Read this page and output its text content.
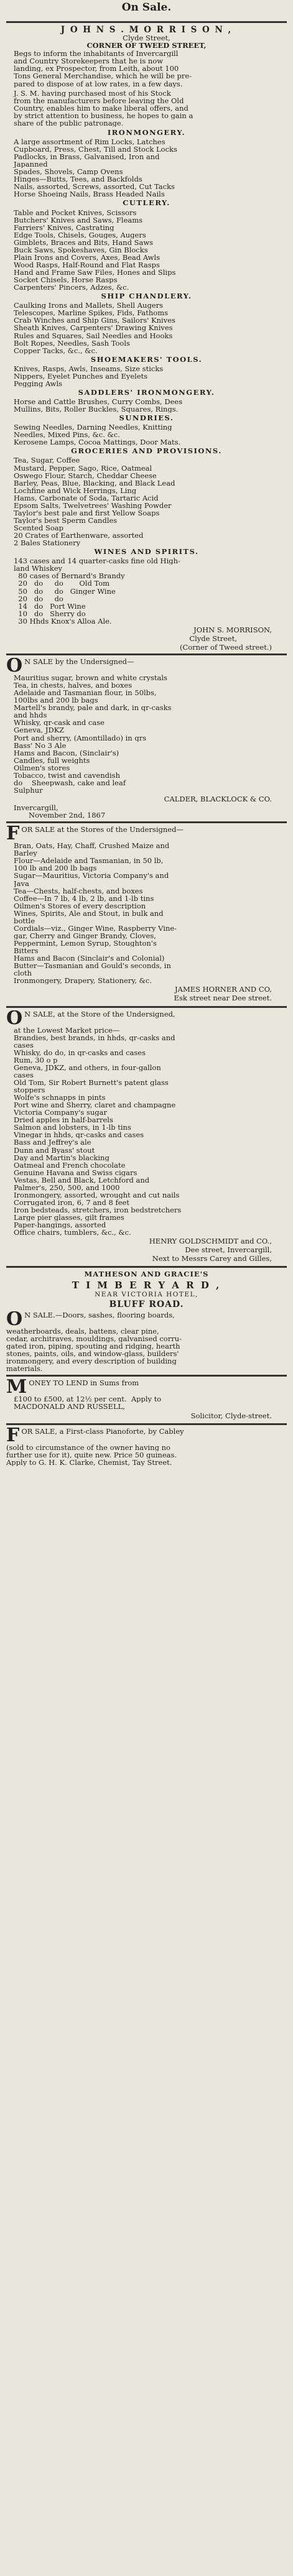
On Sale.
J O H N S . M O R R I S O N ,
Clyde Street,
CORNER OF TWEED STREET,
Begs to inform the inhabitants of Invercargill
and Country Storekeepers that he is now
landing, ex Prospector, from Leith, about 100
Tons General Merchandise, which he will be pre-
pared to dispose of at low rates, in a few days.
J. S. M. having purchased most of his Stock
from the manufacturers before leaving the Old
Country, enables him to make liberal offers, and
by strict attention to business, he hopes to gain a
share of the public patronage.
IRONMONGERY.
A large assortment of Rim Locks, Latches
Cupboard, Press, Chest, Till and Stock Locks
Padlocks, in Brass, Galvanised, Iron and
Japanned
Spades, Shovels, Camp Ovens
Hinges—Butts, Tees, and Backfolds
Nails, assorted, Screws, assorted, Cut Tacks
Horse Shoeing Nails, Brass Headed Nails
CUTLERY.
Table and Pocket Knives, Scissors
Butchers' Knives and Saws, Fleams
Farriers' Knives, Castrating
Edge Tools, Chisels, Gouges, Augers
Gimblets, Braces and Bits, Hand Saws
Buck Saws, Spokeshaves, Gin Blocks
Plain Irons and Covers, Axes, Bead Awls
Wood Rasps, Half-Round and Flat Rasps
Hand and Frame Saw Files, Hones and Slips
Socket Chisels, Horse Rasps
Carpenters' Pincers, Adzes, &c.
SHIP CHANDLERY.
Caulking Irons and Mallets, Shell Augers
Telescopes, Marline Spikes, Fids, Fathoms
Crab Winches and Ship Gins, Sailors' Knives
Sheath Knives, Carpenters' Drawing Knives
Rules and Squares, Sail Needles and Hooks
Bolt Ropes, Needles, Sash Tools
Copper Tacks, &c., &c.
SHOEMAKERS' TOOLS.
Knives, Rasps, Awls, Inseams, Size sticks
Nippers, Eyelet Punches and Eyelets
Pegging Awls
SADDLERS' IRONMONGERY.
Horse and Cattle Brushes, Curry Combs, Dees
Mullins, Bits, Roller Buckles, Squares, Rings.
SUNDRIES.
Sewing Needles, Darning Needles, Knitting
Needles, Mixed Pins, &c. &c.
Kerosene Lamps, Cocoa Mattings, Door Mats.
GROCERIES AND PROVISIONS.
Tea, Sugar, Coffee
Mustard, Pepper, Sago, Rice, Oatmeal
Oswego Flour, Starch, Cheddar Cheese
Barley, Peas, Blue, Blacking, and Black Lead
Lochfine and Wick Herrings, Ling
Hams, Carbonate of Soda, Tartaric Acid
Epsom Salts, Twelvetrees' Washing Powder
Taylor's best pale and first Yellow Soaps
Taylor's best Sperm Candles
Scented Soap
20 Crates of Earthenware, assorted
2 Bales Stationery
WINES AND SPIRITS.
143 cases and 14 quarter-casks fine old High-
land Whiskey
80 cases of Bernard's Brandy
20   do     do       Old Tom
50   do     do   Ginger Wine
20   do     do
14   do   Port Wine
10   do   Sherry do
30 Hhds Knox's Alloa Ale.
JOHN S. MORRISON,
Clyde Street,
(Corner of Tweed street.)
O N SALE by the Undersigned—
Mauritius sugar, brown and white crystals
Tea, in chests, halves, and boxes
Adelaide and Tasmanian flour, in 50lbs,
100lbs and 200 lb bags
Martell's brandy, pale and dark, in qr-casks
and hhds
Whisky, qr-cask and case
Geneva, JDKZ
Port and sherry, (Amontillado) in qrs
Bass' No 3 Ale
Hams and Bacon, (Sinclair's)
Candles, full weights
Oilmen's stores
Tobacco, twist and cavendish
do    Sheepwash, cake and leaf
Sulphur
CALDER, BLACKLOCK & CO.
Invercargill,
November 2nd, 1867
F OR SALE at the Stores of the Undersigned—
Bran, Oats, Hay, Chaff, Crushed Maize and
Barley
Flour—Adelaide and Tasmanian, in 50 lb,
100 lb and 200 lb bags
Sugar—Mauritius, Victoria Company's and
Java
Tea—Chests, half-chests, and boxes
Coffee—In 7 lb, 4 lb, 2 lb, and 1-lb tins
Oilmen's Stores of every description
Wines, Spirits, Ale and Stout, in bulk and
bottle
Cordials—viz., Ginger Wine, Raspberry Vine-
gar, Cherry and Ginger Brandy, Cloves,
Peppermint, Lemon Syrup, Stoughton's
Bitters
Hams and Bacon (Sinclair's and Colonial)
Butter—Tasmanian and Gould's seconds, in
cloth
Ironmongery, Drapery, Stationery, &c.
JAMES HORNER AND CO,
Esk street near Dee street.
O N SALE, at the Store of the Undersigned,
at the Lowest Market price—
Brandies, best brands, in hhds, qr-casks and
cases
Whisky, do do, in qr-casks and cases
Rum, 30 o p
Geneva, JDKZ, and others, in four-gallon
cases
Old Tom, Sir Robert Burnett's patent glass
stoppers
Wolfe's schnapps in pints
Port wine and Sherry, claret and champagne
Victoria Company's sugar
Dried apples in half-barrels
Salmon and lobsters, in 1-lb tins
Vinegar in hhds, qr-casks and cases
Bass and Jeffrey's ale
Dunn and Byass' stout
Day and Martin's blacking
Oatmeal and French chocolate
Genuine Havana and Swiss cigars
Vestas, Bell and Black, Letchford and
Palmer's, 250, 500, and 1000
Ironmongery, assorted, wrought and cut nails
Corrugated iron, 6, 7 and 8 feet
Iron bedsteads, stretchers, iron bedstretchers
Large pier glasses, gilt frames
Paper-hangings, assorted
Office chairs, tumblers, &c., &c.
HENRY GOLDSCHMIDT and CO.,
Dee street, Invercargill,
Next to Messrs Carey and Gilles,
MATHESON AND GRACIE'S
T I M B E R Y A R D ,
NEAR VICTORIA HOTEL,
BLUFF ROAD.
O N SALE.—Doors, sashes, flooring boards,
weatherboards, deals, battens, clear pine,
cedar, architraves, mouldings, galvanised corru-
gated iron, piping, spouting and ridging, hearth
stones, paints, oils, and window-glass, builders'
ironmongery, and every description of building
materials.
M ONEY TO LEND in Sums from
£100 to £500, at 12½ per cent.  Apply to
MACDONALD AND RUSSELL,
Solicitor, Clyde-street.
F OR SALE, a First-class Pianoforte, by Cabley
(sold to circumstance of the owner having no
further use for it), quite new. Price 50 guineas.
Apply to G. H. K. Clarke, Chemist, Tay Street.
